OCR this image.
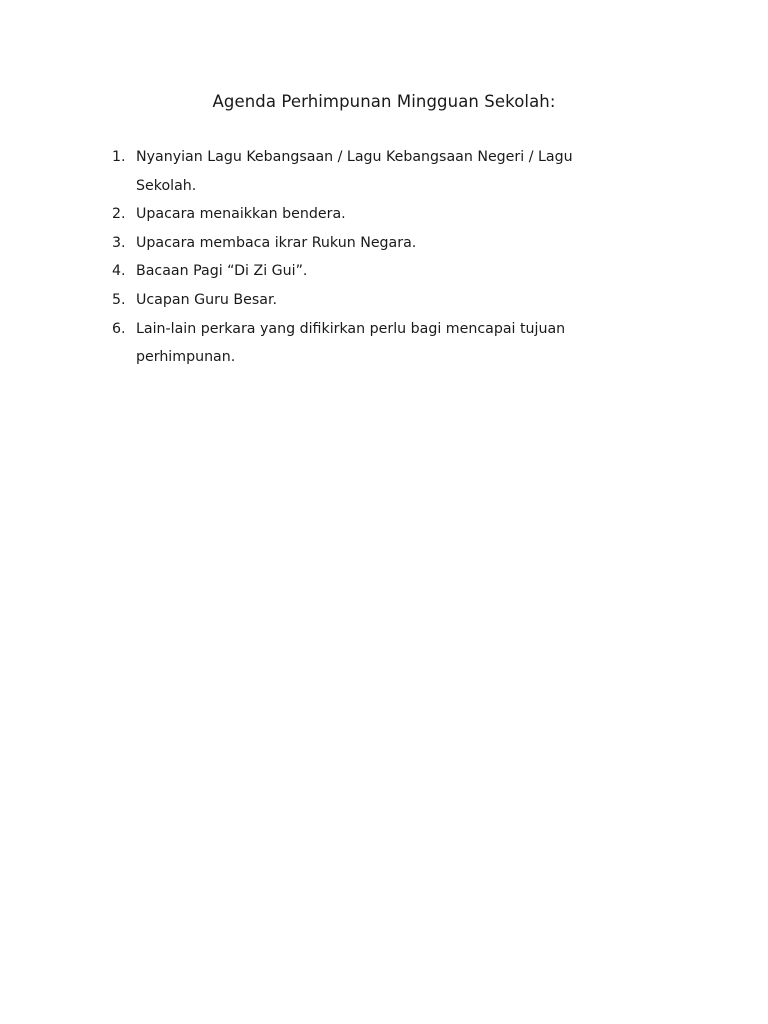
Agenda Perhimpunan Mingguan Sekolah:
1. Nyanyian Lagu Kebangsaan / Lagu Kebangsaan Negeri / Lagu Sekolah.
2. Upacara menaikkan bendera.
3. Upacara membaca ikrar Rukun Negara.
4. Bacaan Pagi “Di Zi Gui”.
5. Ucapan Guru Besar.
6. Lain-lain perkara yang difikirkan perlu bagi mencapai tujuan perhimpunan.
